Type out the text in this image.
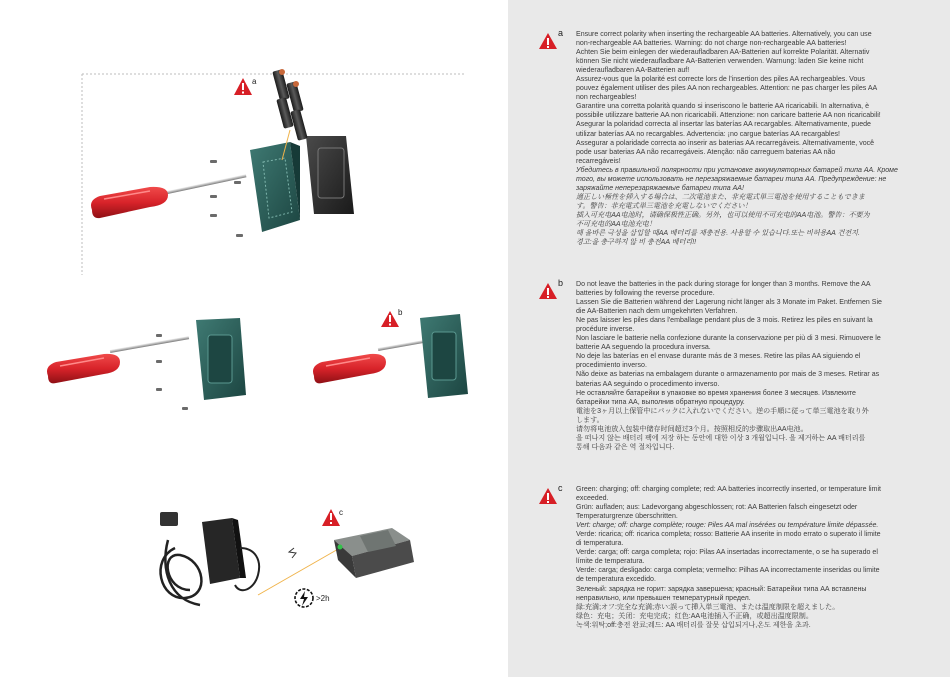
a
b
c
>2h
a Ensure correct polarity when inserting the rechargeable AA batteries. Alternatively, you can use
non-rechargeable AA batteries. Warning: do not charge non-rechargeable AA batteries!
Achten Sie beim einlegen der wiederaufladbaren AA-Batterien auf korrekte Polarität. Alternativ
können Sie nicht wiederaufladbare AA-Batterien verwenden. Warnung: laden Sie keine nicht
wiederaufladbaren AA-Batterien auf!
Assurez-vous que la polarité est correcte lors de l'insertion des piles AA rechargeables. Vous
pouvez également utiliser des piles AA non rechargeables. Attention: ne pas charger les piles AA
non rechargeables!
Garantire una corretta polarità quando si inseriscono le batterie AA ricaricabili. In alternativa, è
possibile utilizzare batterie AA non ricaricabili. Attenzione: non caricare batterie AA non ricaricabili!
Asegurar la polaridad correcta al insertar las baterías AA recargables. Alternativamente, puede
utilizar baterías AA no recargables. Advertencia: ¡no cargue baterías AA recargables!
Assegurar a polaridade correcta ao inserir as baterias AA recarregáveis. Alternativamente, você
pode usar baterias AA não recarregáveis. Atenção: não carreguem baterias AA não
recarregáveis!
Убедитесь в правильной полярности при установке аккумуляторных батарей типа АА. Кроме
того, вы можете использовать не перезаряжаемые батареи типа АА. Предупреждение: не
заряжайте неперезаряжаемые батареи типа АА!
適正しい極性を挿入する場合は、二次電池また、非充電式単三電池を使用することもできま
す。警告：非充電式単三電池を充電しないでください！
插入可充电AA电池时，请确保极性正确。另外，也可以使用不可充电的AA电池。警告：不要为
不可充电的AA电池充电！
해 올바른 극성을 삽입할 때AA 배터리를 재충전용. 사용할 수 있습니다.또는 비허용AA 건전지.
경고:을 충구하지 않 비 충전AA 배터리!!
b Do not leave the batteries in the pack during storage for longer than 3 months. Remove the AA
batteries by following the reverse procedure.
Lassen Sie die Batterien während der Lagerung nicht länger als 3 Monate im Paket. Entfernen Sie
die AA-Batterien nach dem umgekehrten Verfahren.
Ne pas laisser les piles dans l'emballage pendant plus de 3 mois. Retirez les piles en suivant la
procédure inverse.
Non lasciare le batterie nella confezione durante la conservazione per più di 3 mesi. Rimuovere le
batterie AA seguendo la procedura inversa.
No deje las baterías en el envase durante más de 3 meses. Retire las pilas AA siguiendo el
procedimiento inverso.
Não deixe as baterias na embalagem durante o armazenamento por mais de 3 meses. Retirar as
baterias AA seguindo o procedimento inverso.
Не оставляйте батарейки в упаковке во время хранения более 3 месяцев. Извлеките
батарейки типа АА, выполнив обратную процедуру.
電池を3ヶ月以上保管中にパックに入れないでください。逆の手順に従って単三電池を取り外
します。
请勿将电池放入包装中储存时间超过3个月。按照相反的步骤取出AA电池。
을 떠나지 않는 배터리 팩에 저장 하는 동안에 대한 이상 3 개월입니다. 을 제거하는 AA 배터리를
통해 다음과 같은 역 절차입니다.
c Green: charging; off: charging complete; red: AA batteries incorrectly inserted, or temperature limit
exceeded.
Grün: aufladen; aus: Ladevorgang abgeschlossen; rot: AA Batterien falsch eingesetzt oder
Temperaturgrenze überschritten.
Vert: charge; off: charge complète; rouge: Piles AA mal insérées ou température limite dépassée.
Verde: ricarica; off: ricarica completa; rosso: Batterie AA inserite in modo errato o superato il limite
di temperatura.
Verde: carga; off: carga completa; rojo: Pilas AA insertadas incorrectamente, o se ha superado el
límite de temperatura.
Verde: carga; desligado: carga completa; vermelho: Pilhas AA incorrectamente inseridas ou limite
de temperatura excedido.
Зеленый: зарядка не горит: зарядка завершена; красный: Батарейки типа АА вставлены
неправильно, или превышен температурный предел.
緑:充満;オフ:完全な充満;赤い:誤って挿入単三電池、または温度制限を超えました。
绿色：充电；关闭：充电完成；红色:AA电池插入不正确，或超出温度限制。
녹색:워탁;off:충전 완료;레드: AA 배터리를 잘못 삽입되거나,온도 제한을 초과.
